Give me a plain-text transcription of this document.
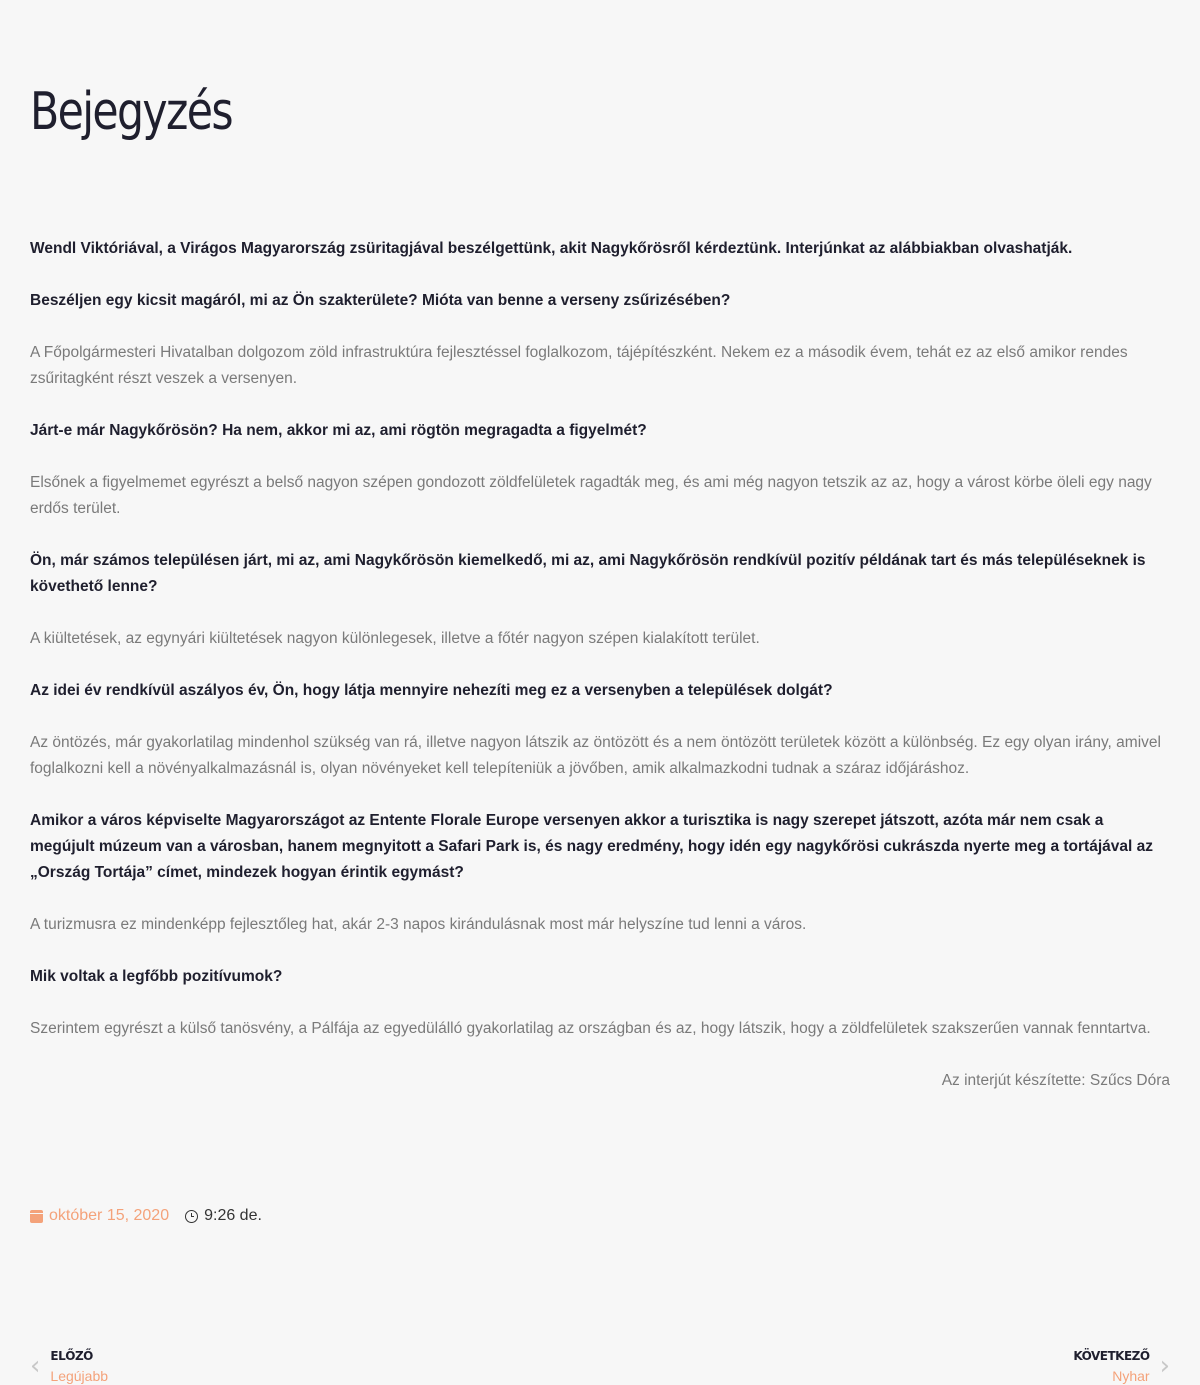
Bejegyzés

Wendl Viktóriával, a Virágos Magyarország zsüritagjával beszélgettünk, akit Nagykőrösről kérdeztünk. Interjúnkat az alábbiakban olvashatják.

Beszéljen egy kicsit magáról, mi az Ön szakterülete? Mióta van benne a verseny zsűrizésében?

A Főpolgármesteri Hivatalban dolgozom zöld infrastruktúra fejlesztéssel foglalkozom, tájépítészként. Nekem ez a második évem, tehát ez az első amikor rendes zsűritagként részt veszek a versenyen.

Járt-e már Nagykőrösön? Ha nem, akkor mi az, ami rögtön megragadta a figyelmét?

Elsőnek a figyelmemet egyrészt a belső nagyon szépen gondozott zöldfelületek ragadták meg, és ami még nagyon tetszik az az, hogy a várost körbe öleli egy nagy erdős terület.

Ön, már számos településen járt, mi az, ami Nagykőrösön kiemelkedő, mi az, ami Nagykőrösön rendkívül pozitív példának tart és más településeknek is követhető lenne?

A kiültetések, az egynyári kiültetések nagyon különlegesek, illetve a főtér nagyon szépen kialakított terület.

Az idei év rendkívül aszályos év, Ön, hogy látja mennyire nehezíti meg ez a versenyben a települések dolgát?

Az öntözés, már gyakorlatilag mindenhol szükség van rá, illetve nagyon látszik az öntözött és a nem öntözött területek között a különbség. Ez egy olyan irány, amivel foglalkozni kell a növényalkalmazásnál is, olyan növényeket kell telepíteniük a jövőben, amik alkalmazkodni tudnak a száraz időjáráshoz.

Amikor a város képviselte Magyarországot az Entente Florale Europe versenyen akkor a turisztika is nagy szerepet játszott, azóta már nem csak a megújult múzeum van a városban, hanem megnyitott a Safari Park is, és nagy eredmény, hogy idén egy nagykőrösi cukrászda nyerte meg a tortájával az „Ország Tortája” címet, mindezek hogyan érintik egymást?

A turizmusra ez mindenképp fejlesztőleg hat, akár 2-3 napos kirándulásnak most már helyszíne tud lenni a város.

Mik voltak a legfőbb pozitívumok?

Szerintem egyrészt a külső tanösvény, a Pálfája az egyedülálló gyakorlatilag az országban és az, hogy látszik, hogy a zöldfelületek szakszerűen vannak fenntartva.

Az interjút készítette: Szűcs Dóra

október 15, 2020 9:26 de.
‹ ELŐZŐ
Legújabb
KÖVETKEZŐ
Nyhar ›
